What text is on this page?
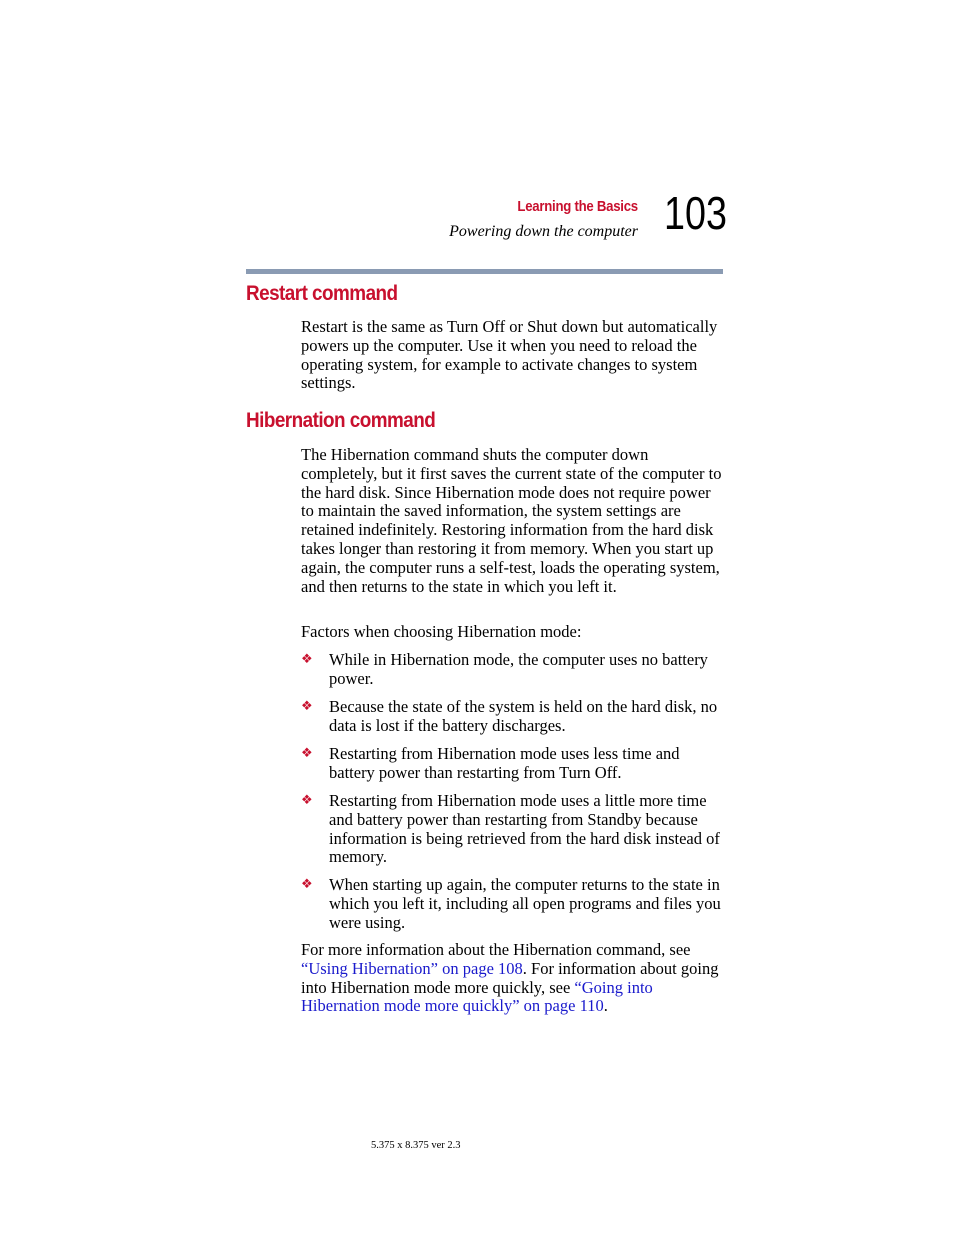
Learning the Basics
Powering down the computer 103
Restart command

Restart is the same as Turn Off or Shut down but automatically powers up the computer. Use it when you need to reload the operating system, for example to activate changes to system settings.

Hibernation command

The Hibernation command shuts the computer down completely, but it first saves the current state of the computer to the hard disk. Since Hibernation mode does not require power to maintain the saved information, the system settings are retained indefinitely. Restoring information from the hard disk takes longer than restoring it from memory. When you start up again, the computer runs a self-test, loads the operating system, and then returns to the state in which you left it.

Factors when choosing Hibernation mode:

❖ While in Hibernation mode, the computer uses no battery power.
❖ Because the state of the system is held on the hard disk, no data is lost if the battery discharges.
❖ Restarting from Hibernation mode uses less time and battery power than restarting from Turn Off.
❖ Restarting from Hibernation mode uses a little more time and battery power than restarting from Standby because information is being retrieved from the hard disk instead of memory.
❖ When starting up again, the computer returns to the state in which you left it, including all open programs and files you were using.

For more information about the Hibernation command, see “Using Hibernation” on page 108. For information about going into Hibernation mode more quickly, see “Going into Hibernation mode more quickly” on page 110.

5.375 x 8.375 ver 2.3
